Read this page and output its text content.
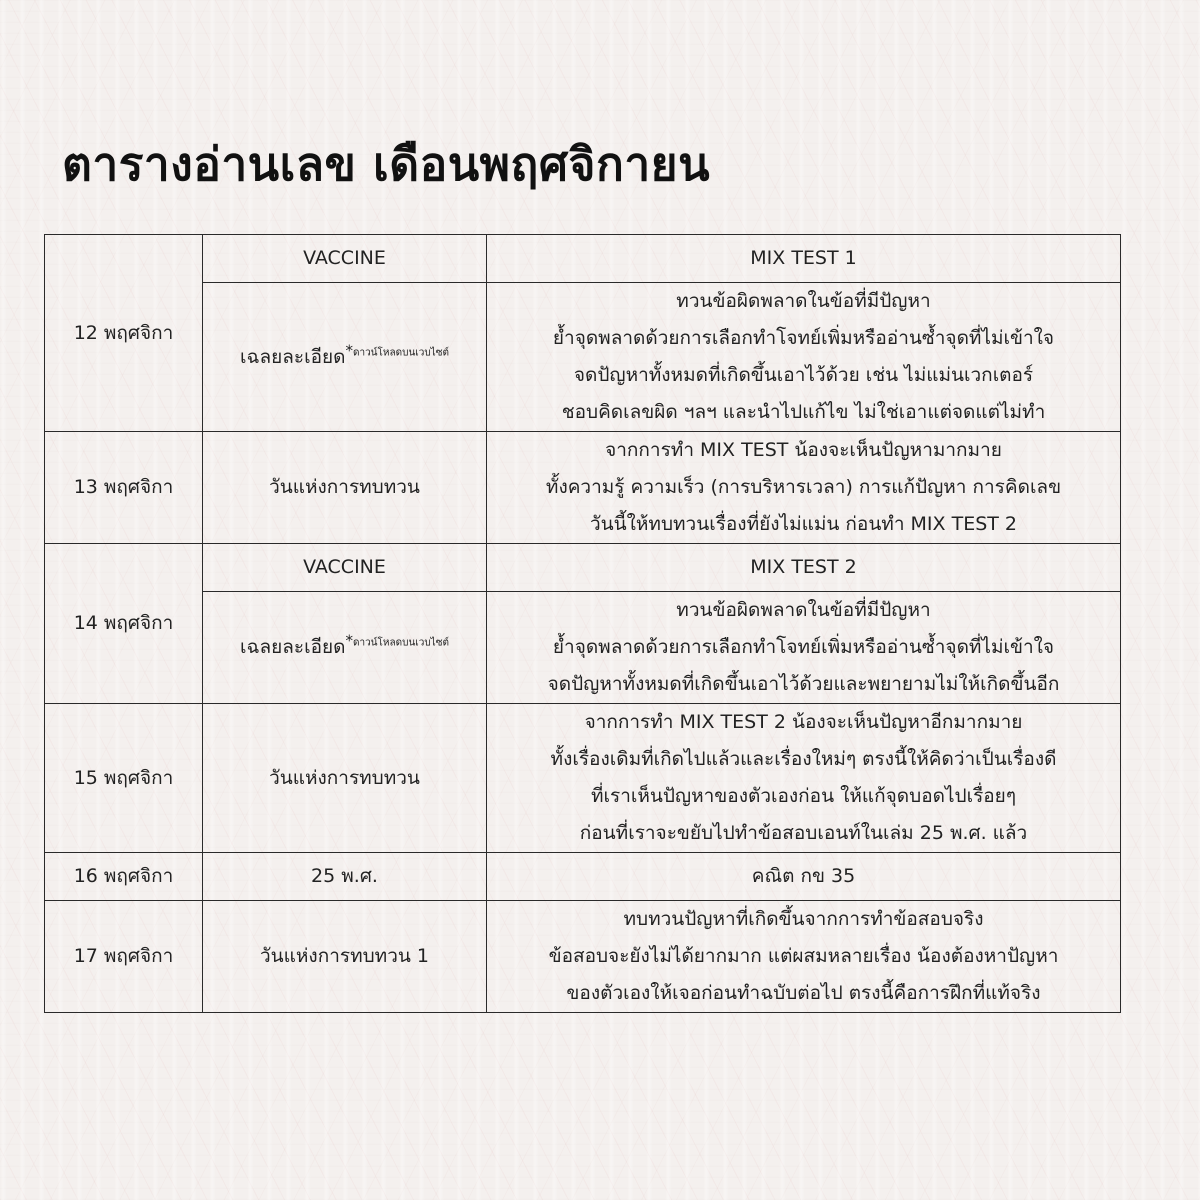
ตารางอ่านเลข เดือนพฤศจิกายน
12 พฤศจิกา	VACCINE	MIX TEST 1
	เฉลยละเอียด$^{*ดาวน์โหลดบนเวบไซต์}$	ทวนข้อผิดพลาดในข้อที่มีปัญหา
ย้ำจุดพลาดด้วยการเลือกทำโจทย์เพิ่มหรืออ่านซ้ำจุดที่ไม่เข้าใจ
จดปัญหาทั้งหมดที่เกิดขึ้นเอาไว้ด้วย เช่น ไม่แม่นเวกเตอร์
ชอบคิดเลขผิด ฯลฯ และนำไปแก้ไข ไม่ใช่เอาแต่จดแต่ไม่ทำ

13 พฤศจิกา	วันแห่งการทบทวน	จากการทำ MIX TEST น้องจะเห็นปัญหามากมาย
ทั้งความรู้ ความเร็ว (การบริหารเวลา) การแก้ปัญหา การคิดเลข
วันนี้ให้ทบทวนเรื่องที่ยังไม่แม่น ก่อนทำ MIX TEST 2

14 พฤศจิกา	VACCINE	MIX TEST 2
	เฉลยละเอียด$^{*ดาวน์โหลดบนเวบไซต์}$	ทวนข้อผิดพลาดในข้อที่มีปัญหา
ย้ำจุดพลาดด้วยการเลือกทำโจทย์เพิ่มหรืออ่านซ้ำจุดที่ไม่เข้าใจ
จดปัญหาทั้งหมดที่เกิดขึ้นเอาไว้ด้วยและพยายามไม่ให้เกิดขึ้นอีก

15 พฤศจิกา	วันแห่งการทบทวน	จากการทำ MIX TEST 2 น้องจะเห็นปัญหาอีกมากมาย
ทั้งเรื่องเดิมที่เกิดไปแล้วและเรื่องใหม่ๆ ตรงนี้ให้คิดว่าเป็นเรื่องดี
ที่เราเห็นปัญหาของตัวเองก่อน ให้แก้จุดบอดไปเรื่อยๆ
ก่อนที่เราจะขยับไปทำข้อสอบเอนท์ในเล่ม 25 พ.ศ. แล้ว

16 พฤศจิกา	25 พ.ศ.	คณิต กข 35

17 พฤศจิกา	วันแห่งการทบทวน 1	ทบทวนปัญหาที่เกิดขึ้นจากการทำข้อสอบจริง
ข้อสอบจะยังไม่ได้ยากมาก แต่ผสมหลายเรื่อง น้องต้องหาปัญหา
ของตัวเองให้เจอก่อนทำฉบับต่อไป ตรงนี้คือการฝึกที่แท้จริง
